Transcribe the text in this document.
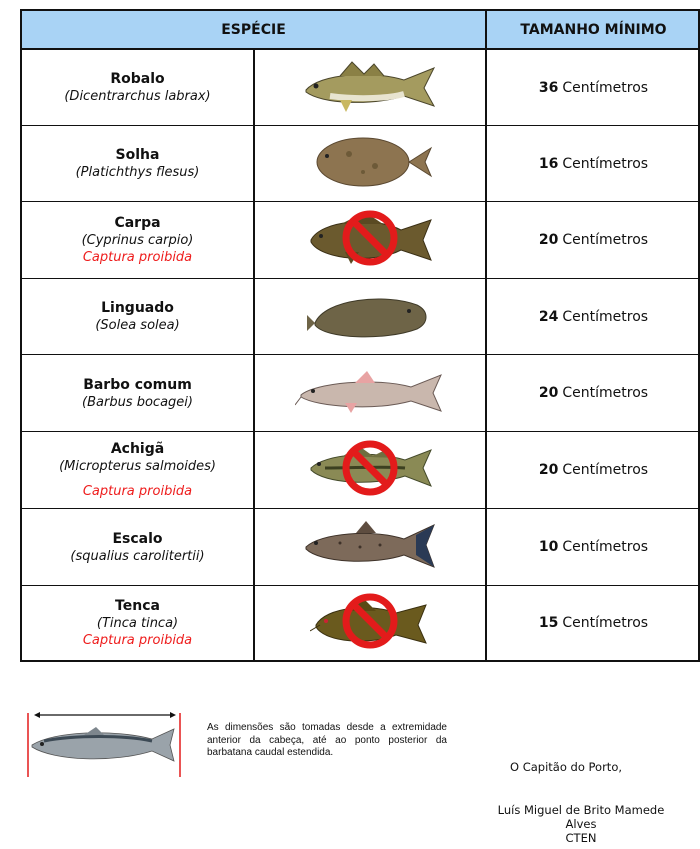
ESPÉCIE	TAMANHO MÍNIMO
Robalo
(Dicentrarchus labrax)
36 Centímetros
Solha
(Platichthys flesus)
16 Centímetros
Carpa
(Cyprinus carpio)
Captura proibida
20 Centímetros
Linguado
(Solea solea)
24 Centímetros
Barbo comum
(Barbus bocagei)
20 Centímetros
Achigã
(Micropterus salmoides)
Captura proibida
20 Centímetros
Escalo
(squalius carolitertii)
10 Centímetros
Tenca
(Tinca tinca)
Captura proibida
15 Centímetros
As dimensões são tomadas desde a extremidade anterior da cabeça, até ao ponto posterior da barbatana caudal estendida.
O Capitão do Porto,
Luís Miguel de Brito Mamede Alves
CTEN
